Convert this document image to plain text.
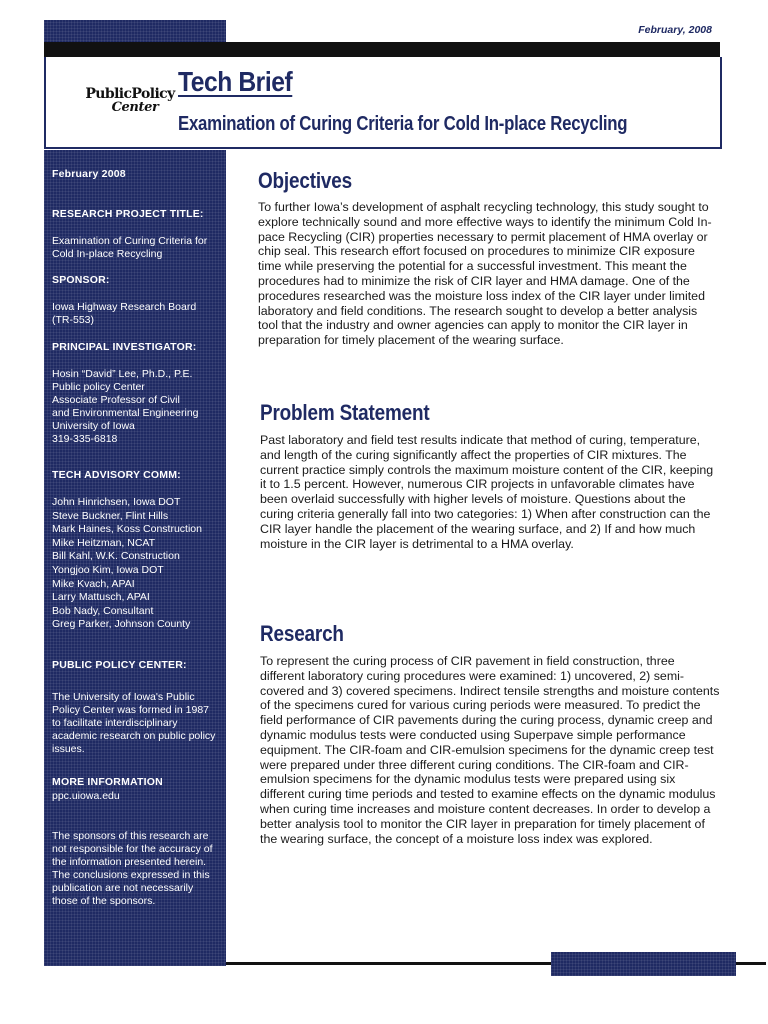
February, 2008
PublicPolicy
Center
Tech Brief
Examination of Curing Criteria for Cold In-place Recycling
February 2008
RESEARCH PROJECT TITLE:

Examination of Curing Criteria for Cold In-place Recycling

SPONSOR:

Iowa Highway Research Board (TR-553)

PRINCIPAL INVESTIGATOR:
Hosin “David” Lee, Ph.D., P.E.
Public policy Center
Associate Professor of Civil
and Environmental Engineering
University of Iowa
319-335-6818
TECH ADVISORY COMM:
John Hinrichsen, Iowa DOT
Steve Buckner, Flint Hills
Mark Haines, Koss Construction
Mike Heitzman, NCAT
Bill Kahl, W.K. Construction
Yongjoo Kim, Iowa DOT
Mike Kvach, APAI
Larry Mattusch, APAI
Bob Nady, Consultant
Greg Parker, Johnson County
PUBLIC POLICY CENTER:

The University of Iowa's Public Policy Center was formed in 1987 to facilitate interdisciplinary academic research on public policy issues.

MORE INFORMATION
ppc.uiowa.edu

The sponsors of this research are not responsible for the accuracy of the information presented herein. The conclusions expressed in this publication are not necessarily those of the sponsors.

Objectives

To further Iowa’s development of asphalt recycling technology, this study sought to explore technically sound and more effective ways to identify the minimum Cold In-pace Recycling (CIR) properties necessary to permit placement of HMA overlay or chip seal. This research effort focused on procedures to minimize CIR exposure time while preserving the potential for a successful investment. This meant the procedures had to minimize the risk of CIR layer and HMA damage. One of the procedures researched was the moisture loss index of the CIR layer under limited laboratory and field conditions. The research sought to develop a better analysis tool that the industry and owner agencies can apply to monitor the CIR layer in preparation for timely placement of the wearing surface.

Problem Statement

Past laboratory and field test results indicate that method of curing, temperature, and length of the curing significantly affect the properties of CIR mixtures. The current practice simply controls the maximum moisture content of the CIR, keeping it to 1.5 percent. However, numerous CIR projects in unfavorable climates have been overlaid successfully with higher levels of moisture. Questions about the curing criteria generally fall into two categories: 1) When after construction can the CIR layer handle the placement of the wearing surface, and 2) If and how much moisture in the CIR layer is detrimental to a HMA overlay.

Research

To represent the curing process of CIR pavement in field construction, three different laboratory curing procedures were examined: 1) uncovered, 2) semi-covered and 3) covered specimens. Indirect tensile strengths and moisture contents of the specimens cured for various curing periods were measured. To predict the field performance of CIR pavements during the curing process, dynamic creep and dynamic modulus tests were conducted using Superpave simple performance equipment. The CIR-foam and CIR-emulsion specimens for the dynamic creep test were prepared under three different curing conditions. The CIR-foam and CIR-emulsion specimens for the dynamic modulus tests were prepared using six different curing time periods and tested to examine effects on the dynamic modulus when curing time increases and moisture content decreases. In order to develop a better analysis tool to monitor the CIR layer in preparation for timely placement of the wearing surface, the concept of a moisture loss index was explored.
